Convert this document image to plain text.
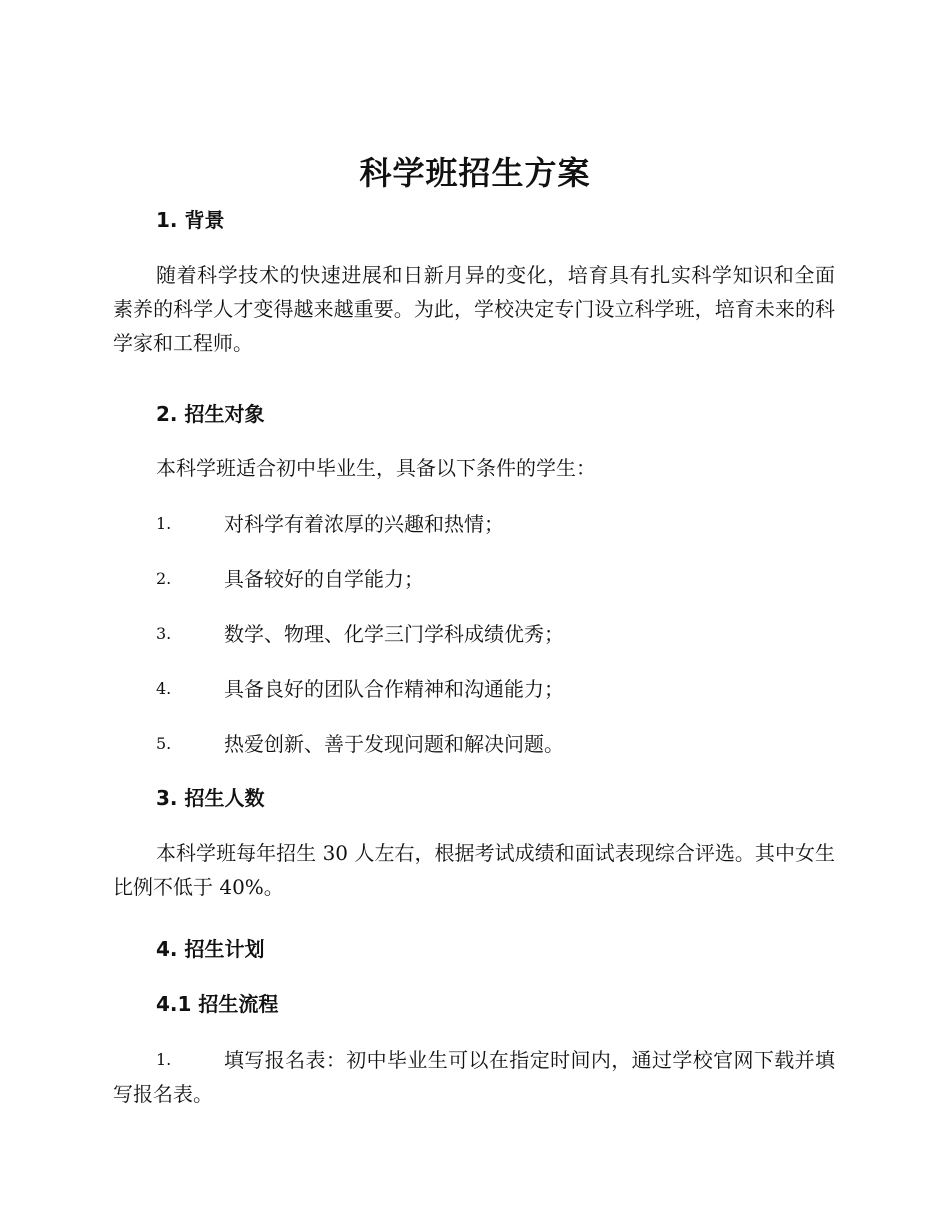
科学班招生方案
1. 背景
随着科学技术的快速进展和日新月异的变化，培育具有扎实科学知识和全面素养的科学人才变得越来越重要。为此，学校决定专门设立科学班，培育未来的科学家和工程师。
2. 招生对象
本科学班适合初中毕业生，具备以下条件的学生：
1.	对科学有着浓厚的兴趣和热情；
2.	具备较好的自学能力；
3.	数学、物理、化学三门学科成绩优秀；
4.	具备良好的团队合作精神和沟通能力；
5.	热爱创新、善于发现问题和解决问题。
3. 招生人数
本科学班每年招生 30 人左右，根据考试成绩和面试表现综合评选。其中女生比例不低于 40%。
4. 招生计划
4.1 招生流程
1.	填写报名表：初中毕业生可以在指定时间内，通过学校官网下载并填写报名表。
